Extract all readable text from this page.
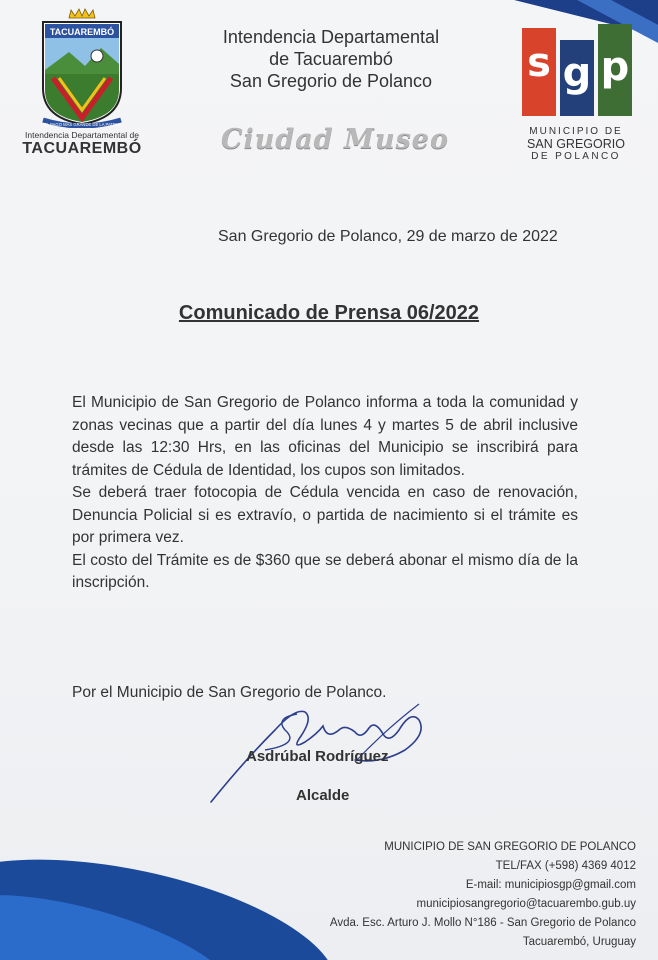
TACUAREMBÓ
EL PAGO MAS GRANDE DE LA PATRIA
Intendencia Departamental de
TACUAREMBÓ
Intendencia Departamental
de Tacuarembó
San Gregorio de Polanco
Ciudad Museo
s g p
MUNICIPIO DE
SAN GREGORIO
DE POLANCO
San Gregorio de Polanco, 29 de marzo de 2022
Comunicado de Prensa 06/2022

El Municipio de San Gregorio de Polanco informa a toda la comunidad y zonas vecinas que a partir del día lunes 4 y martes 5 de abril inclusive desde las 12:30 Hrs, en las oficinas del Municipio se inscribirá para trámites de Cédula de Identidad, los cupos son limitados.

Se deberá traer fotocopia de Cédula vencida en caso de renovación, Denuncia Policial si es extravío, o partida de nacimiento si el trámite es por primera vez.

El costo del Trámite es de $360 que se deberá abonar el mismo día de la inscripción.

Por el Municipio de San Gregorio de Polanco.
Asdrúbal Rodríguez
Alcalde
MUNICIPIO DE SAN GREGORIO DE POLANCO
TEL/FAX (+598) 4369 4012
E-mail: municipiosgp@gmail.com
municipiosangregorio@tacuarembo.gub.uy
Avda. Esc. Arturo J. Mollo N°186 - San Gregorio de Polanco
Tacuarembó, Uruguay
